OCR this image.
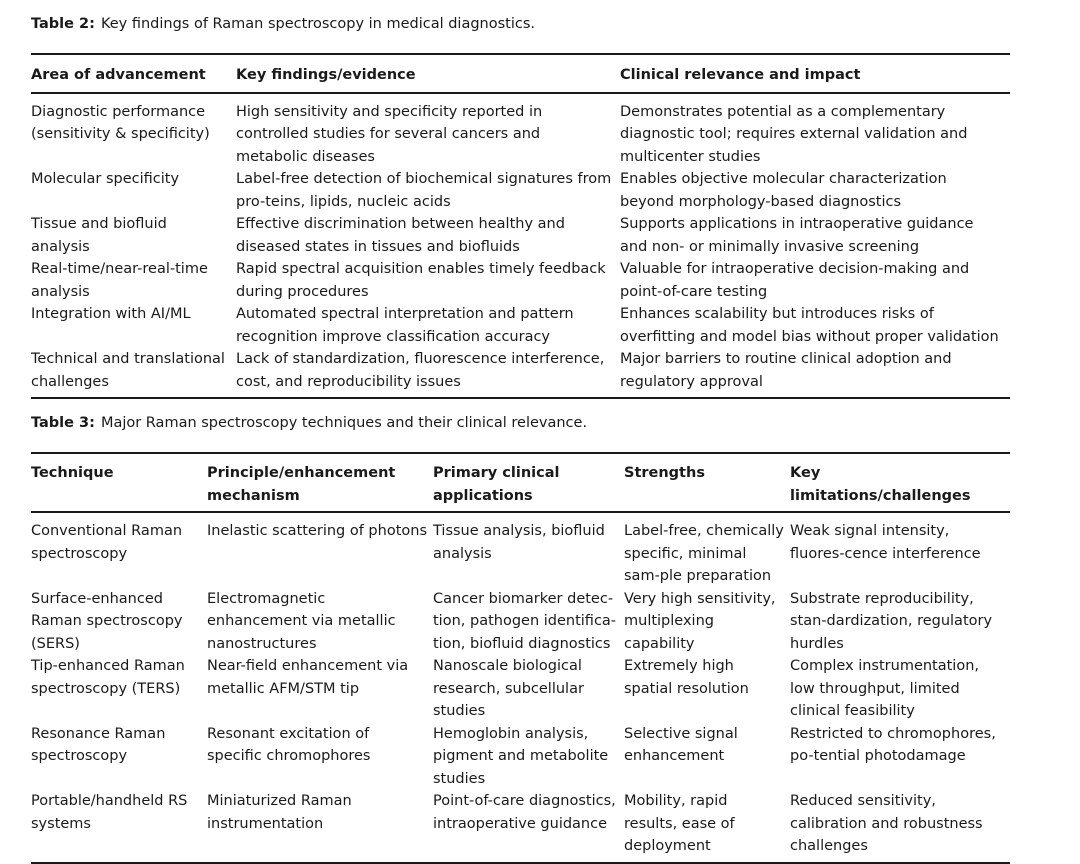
Table 2: Key findings of Raman spectroscopy in medical diagnostics.
Area of advancement	Key findings/evidence	Clinical relevance and impact
Diagnostic performance (sensitivity & specificity)	High sensitivity and specificity reported in controlled studies for several cancers and metabolic diseases	Demonstrates potential as a complementary diagnostic tool; requires external validation and multicenter studies
Molecular specificity	Label-free detection of biochemical signatures from pro-teins, lipids, nucleic acids	Enables objective molecular characterization beyond morphology-based diagnostics
Tissue and biofluid analysis	Effective discrimination between healthy and diseased states in tissues and biofluids	Supports applications in intraoperative guidance and non- or minimally invasive screening
Real-time/near-real-time analysis	Rapid spectral acquisition enables timely feedback during procedures	Valuable for intraoperative decision-making and point-of-care testing
Integration with AI/ML	Automated spectral interpretation and pattern recognition improve classification accuracy	Enhances scalability but introduces risks of overfitting and model bias without proper validation
Technical and translational challenges	Lack of standardization, fluorescence interference, cost, and reproducibility issues	Major barriers to routine clinical adoption and regulatory approval
Table 3: Major Raman spectroscopy techniques and their clinical relevance.
Technique	Principle/enhancement mechanism	Primary clinical applications	Strengths	Key limitations/challenges
Conventional Raman spectroscopy	Inelastic scattering of photons	Tissue analysis, biofluid analysis	Label-free, chemically specific, minimal sam-ple preparation	Weak signal intensity, fluores-cence interference
Surface-enhanced Raman spectroscopy (SERS)	Electromagnetic enhancement via metallic nanostructures	Cancer biomarker detec-tion, pathogen identifica-tion, biofluid diagnostics	Very high sensitivity, multiplexing capability	Substrate reproducibility, stan-dardization, regulatory hurdles
Tip-enhanced Raman spectroscopy (TERS)	Near-field enhancement via metallic AFM/STM tip	Nanoscale biological research, subcellular studies	Extremely high spatial resolution	Complex instrumentation, low throughput, limited clinical feasibility
Resonance Raman spectroscopy	Resonant excitation of specific chromophores	Hemoglobin analysis, pigment and metabolite studies	Selective signal enhancement	Restricted to chromophores, po-tential photodamage
Portable/handheld RS systems	Miniaturized Raman instrumentation	Point-of-care diagnostics, intraoperative guidance	Mobility, rapid results, ease of deployment	Reduced sensitivity, calibration and robustness challenges
